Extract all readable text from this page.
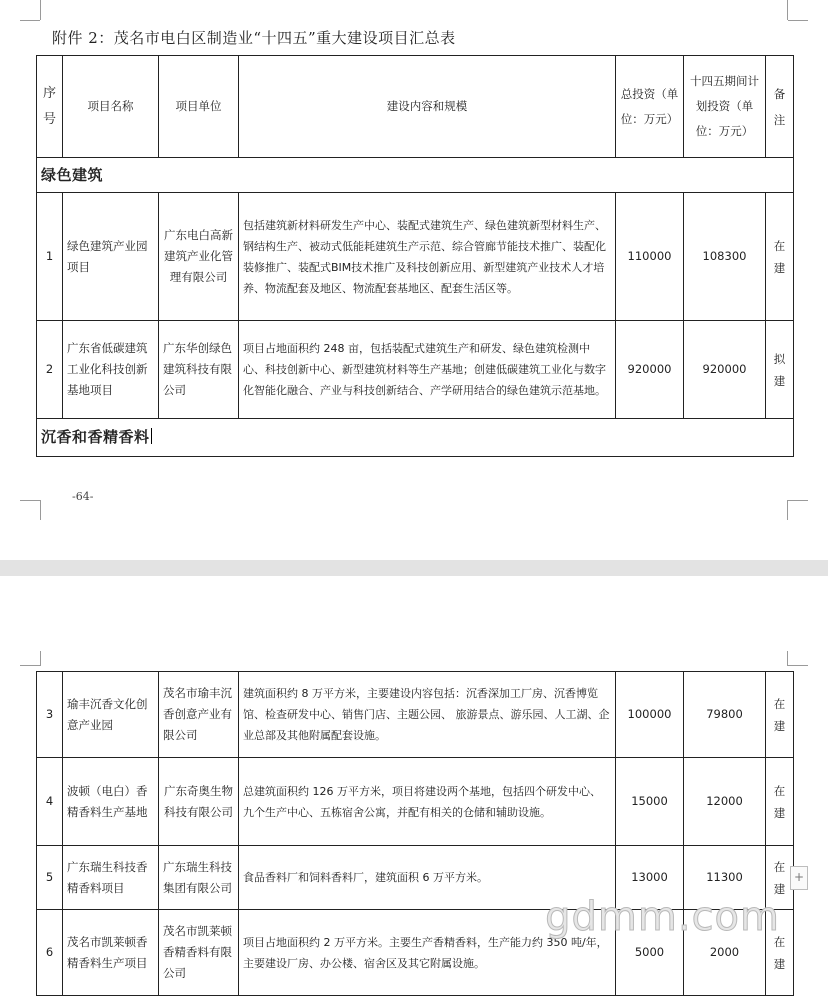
附件 2：茂名市电白区制造业“十四五”重大建设项目汇总表
序号	项目名称	项目单位	建设内容和规模	总投资（单位：万元）	十四五期间计划投资（单位：万元）	备注
绿色建筑						
1	绿色建筑产业园项目	广东电白高新建筑产业化管理有限公司	包括建筑新材料研发生产中心、装配式建筑生产、绿色建筑新型材料生产、钢结构生产、被动式低能耗建筑生产示范、综合管廊节能技术推广、装配化装修推广、装配式BIM技术推广及科技创新应用、新型建筑产业技术人才培养、物流配套及地区、物流配套基地区、配套生活区等。	110000	108300	在建
2	广东省低碳建筑工业化科技创新基地项目	广东华创绿色建筑科技有限公司	项目占地面积约 248 亩，包括装配式建筑生产和研发、绿色建筑检测中心、科技创新中心、新型建筑材料等生产基地；创建低碳建筑工业化与数字化智能化融合、产业与科技创新结合、产学研用结合的绿色建筑示范基地。	920000	920000	拟建
沉香和香精香料						
-64-
3	瑜丰沉香文化创意产业园	茂名市瑜丰沉香创意产业有限公司	建筑面积约 8 万平方米，主要建设内容包括：沉香深加工厂房、沉香博览馆、检查研发中心、销售门店、主题公园、 旅游景点、游乐园、人工湖、企业总部及其他附属配套设施。	100000	79800	在建
4	波顿（电白）香精香料生产基地	广东奇奥生物科技有限公司	总建筑面积约 126 万平方米，项目将建设两个基地，包括四个研发中心、九个生产中心、五栋宿舍公寓，并配有相关的仓储和辅助设施。	15000	12000	在建
5	广东瑞生科技香精香料项目	广东瑞生科技集团有限公司	食品香料厂和饲料香料厂，建筑面积 6 万平方米。	13000	11300	在建
6	茂名市凯莱顿香精香料生产项目	茂名市凯莱顿香精香料有限公司	项目占地面积约 2 万平方米。主要生产香精香料，生产能力约 350 吨/年，主要建设厂房、办公楼、宿舍区及其它附属设施。	5000	2000	在建
+
gdmm.com
